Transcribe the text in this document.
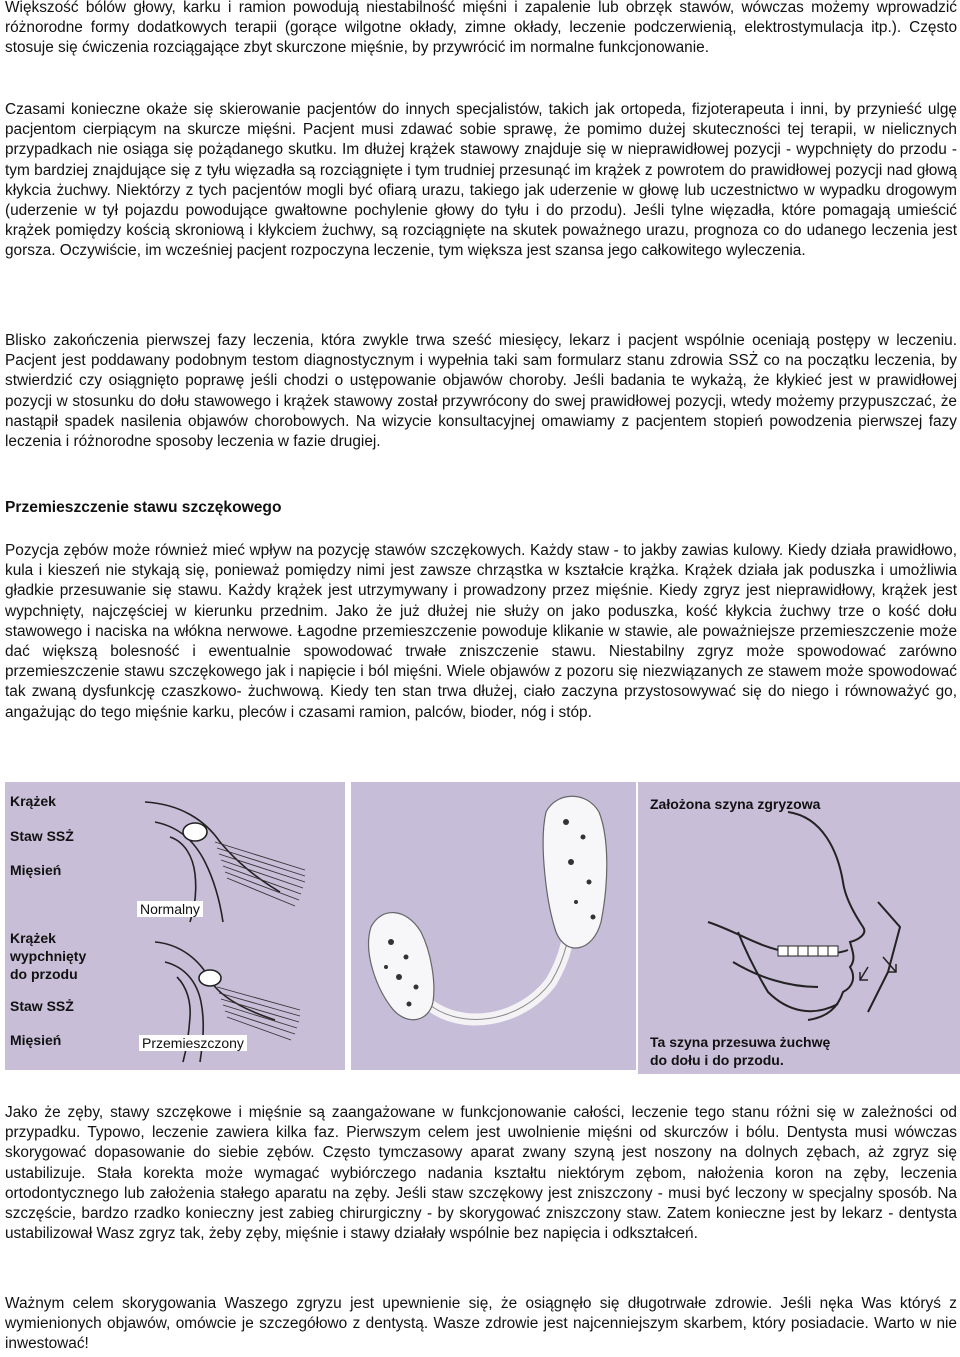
Większość bólów głowy, karku i ramion powodują niestabilność mięśni i zapalenie lub obrzęk stawów, wówczas możemy wprowadzić różnorodne formy dodatkowych terapii (gorące wilgotne okłady, zimne okłady, leczenie podczerwienią, elektrostymulacja itp.). Często stosuje się ćwiczenia rozciągające zbyt skurczone mięśnie, by przywrócić im normalne funkcjonowanie.

Czasami konieczne okaże się skierowanie pacjentów do innych specjalistów, takich jak ortopeda, fizjoterapeuta i inni, by przynieść ulgę pacjentom cierpiącym na skurcze mięśni. Pacjent musi zdawać sobie sprawę, że pomimo dużej skuteczności tej terapii, w nielicznych przypadkach nie osiąga się pożądanego skutku. Im dłużej krążek stawowy znajduje się w nieprawidłowej pozycji - wypchnięty do przodu - tym bardziej znajdujące się z tyłu więzadła są rozciągnięte i tym trudniej przesunąć im krążek z powrotem do prawidłowej pozycji nad głową kłykcia żuchwy. Niektórzy z tych pacjentów mogli być ofiarą urazu, takiego jak uderzenie w głowę lub uczestnictwo w wypadku drogowym (uderzenie w tył pojazdu powodujące gwałtowne pochylenie głowy do tyłu i do przodu). Jeśli tylne więzadła, które pomagają umieścić krążek pomiędzy kością skroniową i kłykciem żuchwy, są rozciągnięte na skutek poważnego urazu, prognoza co do udanego leczenia jest gorsza. Oczywiście, im wcześniej pacjent rozpoczyna leczenie, tym większa jest szansa jego całkowitego wyleczenia.

Blisko zakończenia pierwszej fazy leczenia, która zwykle trwa sześć miesięcy, lekarz i pacjent wspólnie oceniają postępy w leczeniu. Pacjent jest poddawany podobnym testom diagnostycznym i wypełnia taki sam formularz stanu zdrowia SSŻ co na początku leczenia, by stwierdzić czy osiągnięto poprawę jeśli chodzi o ustępowanie objawów choroby. Jeśli badania te wykażą, że kłykieć jest w prawidłowej pozycji w stosunku do dołu stawowego i krążek stawowy został przywrócony do swej prawidłowej pozycji, wtedy możemy przypuszczać, że nastąpił spadek nasilenia objawów chorobowych. Na wizycie konsultacyjnej omawiamy z pacjentem stopień powodzenia pierwszej fazy leczenia i różnorodne sposoby leczenia w fazie drugiej.

Przemieszczenie stawu szczękowego

Pozycja zębów może również mieć wpływ na pozycję stawów szczękowych. Każdy staw - to jakby zawias kulowy. Kiedy działa prawidłowo, kula i kieszeń nie stykają się, ponieważ pomiędzy nimi jest zawsze chrząstka w kształcie krążka. Krążek działa jak poduszka i umożliwia gładkie przesuwanie się stawu. Każdy krążek jest utrzymywany i prowadzony przez mięśnie. Kiedy zgryz jest nieprawidłowy, krążek jest wypchnięty, najczęściej w kierunku przednim. Jako że już dłużej nie służy on jako poduszka, kość kłykcia żuchwy trze o kość dołu stawowego i naciska na włókna nerwowe. Łagodne przemieszczenie powoduje klikanie w stawie, ale poważniejsze przemieszczenie może dać większą bolesność i ewentualnie spowodować trwałe zniszczenie stawu. Niestabilny zgryz może spowodować zarówno przemieszczenie stawu szczękowego jak i napięcie i ból mięśni. Wiele objawów z pozoru się niezwiązanych ze stawem może spowodować tak zwaną dysfunkcję czaszkowo- żuchwową. Kiedy ten stan trwa dłużej, ciało zaczyna przystosowywać się do niego i równoważyć go, angażując do tego mięśnie karku, pleców i czasami ramion, palców, bioder, nóg i stóp.

Krążek
Staw SSŻ
Mięsień
Normalny
Krążek
wypchnięty
do przodu
Staw SSŻ
Mięsień	Przemieszczony
Założona szyna zgryzowa
Ta szyna przesuwa żuchwę
do dołu i do przodu.

Jako że zęby, stawy szczękowe i mięśnie są zaangażowane w funkcjonowanie całości, leczenie tego stanu różni się w zależności od przypadku. Typowo, leczenie zawiera kilka faz. Pierwszym celem jest uwolnienie mięśni od skurczów i bólu. Dentysta musi wówczas skorygować dopasowanie do siebie zębów. Często tymczasowy aparat zwany szyną jest noszony na dolnych zębach, aż zgryz się ustabilizuje. Stała korekta może wymagać wybiórczego nadania kształtu niektórym zębom, nałożenia koron na zęby, leczenia ortodontycznego lub założenia stałego aparatu na zęby. Jeśli staw szczękowy jest zniszczony - musi być leczony w specjalny sposób. Na szczęście, bardzo rzadko konieczny jest zabieg chirurgiczny - by skorygować zniszczony staw. Zatem konieczne jest by lekarz - dentysta ustabilizował Wasz zgryz tak, żeby zęby, mięśnie i stawy działały wspólnie bez napięcia i odkształceń.

Ważnym celem skorygowania Waszego zgryzu jest upewnienie się, że osiągnęło się długotrwałe zdrowie. Jeśli nęka Was któryś z wymienionych objawów, omówcie je szczegółowo z dentystą. Wasze zdrowie jest najcenniejszym skarbem, który posiadacie. Warto w nie inwestować!
